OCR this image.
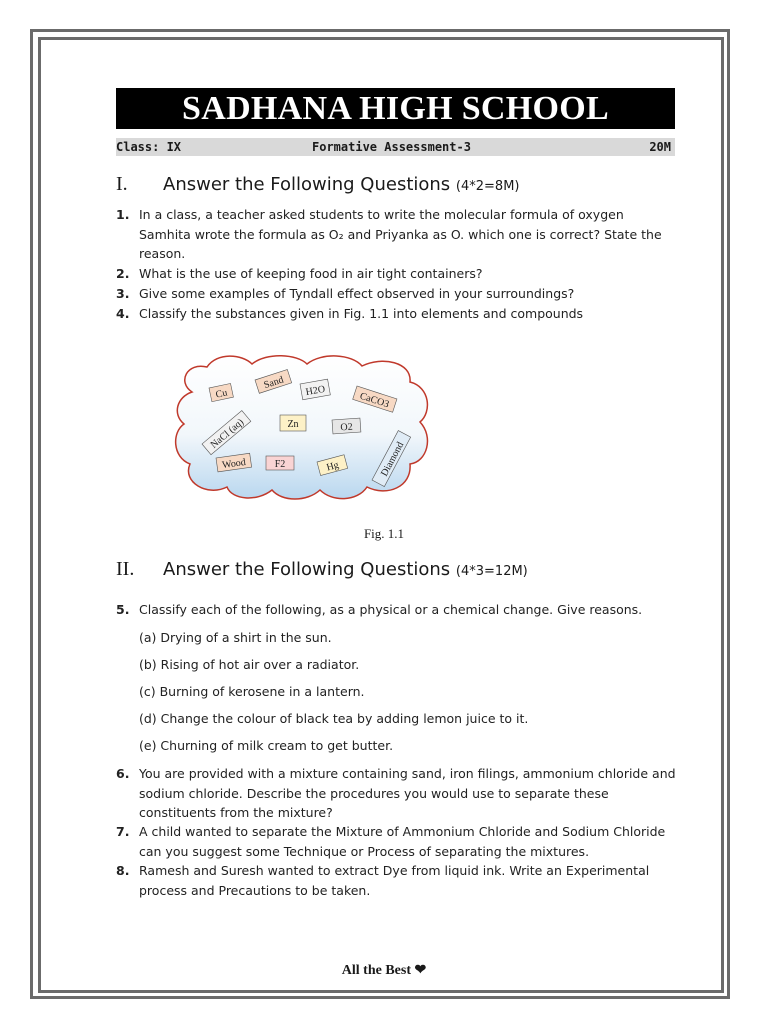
SADHANA HIGH SCHOOL
Class: IX	Formative Assessment-3	20M
I. Answer the Following Questions (4*2=8M)
1. In a class, a teacher asked students to write the molecular formula of oxygen Samhita wrote the formula as O₂ and Priyanka as O. which one is correct? State the reason.
2. What is the use of keeping food in air tight containers?
3. Give some examples of Tyndall effect observed in your surroundings?
4. Classify the substances given in Fig. 1.1 into elements and compounds
Cu
Sand H2O	CaCO3
NaCl (aq)	Zn	O2
Diamond
Wood	F2	Hg
Fig. 1.1
II. Answer the Following Questions (4*3=12M)
5. Classify each of the following, as a physical or a chemical change. Give reasons.
(a) Drying of a shirt in the sun.
(b) Rising of hot air over a radiator.
(c) Burning of kerosene in a lantern.
(d) Change the colour of black tea by adding lemon juice to it.
(e) Churning of milk cream to get butter.
6. You are provided with a mixture containing sand, iron filings, ammonium chloride and sodium chloride. Describe the procedures you would use to separate these constituents from the mixture?
7. A child wanted to separate the Mixture of Ammonium Chloride and Sodium Chloride can you suggest some Technique or Process of separating the mixtures.
8. Ramesh and Suresh wanted to extract Dye from liquid ink. Write an Experimental process and Precautions to be taken.
All the Best ❤
